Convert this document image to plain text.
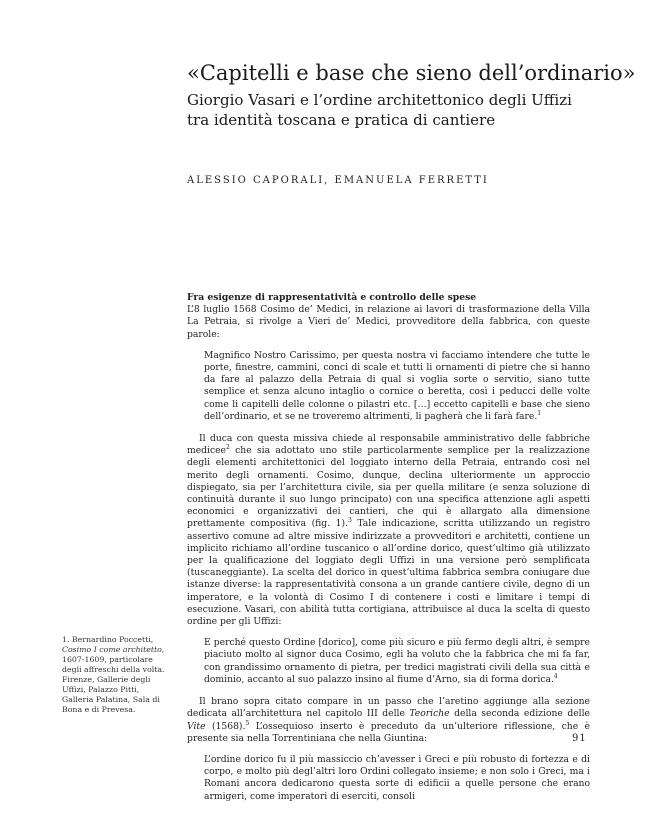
«Capitelli e base che sieno dell’ordinario»
Giorgio Vasari e l’ordine architettonico degli Uffizi
tra identità toscana e pratica di cantiere
ALESSIO CAPORALI, EMANUELA FERRETTI

Fra esigenze di rappresentatività e controllo delle spese

L’8 luglio 1568 Cosimo de’ Medici, in relazione ai lavori di trasformazione della Villa La Petraia, si rivolge a Vieri de’ Medici, provveditore della fabbrica, con queste parole:

Magnifico Nostro Carissimo, per questa nostra vi facciamo intendere che tutte le porte, finestre, cammini, conci di scale et tutti li ornamenti di pietre che si hanno da fare al palazzo della Petraia di qual si voglia sorte o servitio, siano tutte semplice et senza alcuno intaglio o cornice o beretta, così i peducci delle volte come li capitelli delle colonne o pilastri etc. […] eccetto capitelli e base che sieno dell’ordinario, et se ne troveremo altrimenti, li pagherà che li farà fare.$^1$

Il duca con questa missiva chiede al responsabile amministrativo delle fabbriche medicee$^2$ che sia adottato uno stile particolarmente semplice per la realizzazione degli elementi architettonici del loggiato interno della Petraia, entrando così nel merito degli ornamenti. Cosimo, dunque, declina ulteriormente un approccio dispiegato, sia per l’architettura civile, sia per quella militare (e senza soluzione di continuità durante il suo lungo principato) con una specifica attenzione agli aspetti economici e organizzativi dei cantieri, che qui è allargato alla dimensione prettamente compositiva (fig. 1).$^3$ Tale indicazione, scritta utilizzando un registro assertivo comune ad altre missive indirizzate a provveditori e architetti, contiene un implicito richiamo all’ordine tuscanico o all’ordine dorico, quest’ultimo già utilizzato per la qualificazione del loggiato degli Uffizi in una versione però semplificata (tuscaneggiante). La scelta del dorico in quest’ultima fabbrica sembra coniugare due istanze diverse: la rappresentatività consona a un grande cantiere civile, degno di un imperatore, e la volontà di Cosimo I di contenere i costi e limitare i tempi di esecuzione. Vasari, con abilità tutta cortigiana, attribuisce al duca la scelta di questo ordine per gli Uffizi:

E perché questo Ordine [dorico], come più sicuro e più fermo degli altri, è sempre piaciuto molto al signor duca Cosimo, egli ha voluto che la fabbrica che mi fa far, con grandissimo ornamento di pietra, per tredici magistrati civili della sua città e dominio, accanto al suo palazzo insino al fiume d’Arno, sia di forma dorica.$^4$

Il brano sopra citato compare in un passo che l’aretino aggiunge alla sezione dedicata all’architettura nel capitolo III delle Teoriche della seconda edizione delle Vite (1568).$^5$ L’ossequioso inserto è preceduto da un’ulteriore riflessione, che è presente sia nella Torrentiniana che nella Giuntina:

L’ordine dorico fu il più massiccio ch’avesser i Greci e più robusto di fortezza e di corpo, e molto più degl’altri loro Ordini collegato insieme; e non solo i Greci, ma i Romani ancora dedicarono questa sorte di edificii a quelle persone che erano armigeri, come imperatori di eserciti, consoli

1. Bernardino Poccetti, Cosimo I come architetto, 1607-1609, particolare degli affreschi della volta. Firenze, Gallerie degli Uffizi, Palazzo Pitti, Galleria Palatina, Sala di Bona e di Prevesa.
91
